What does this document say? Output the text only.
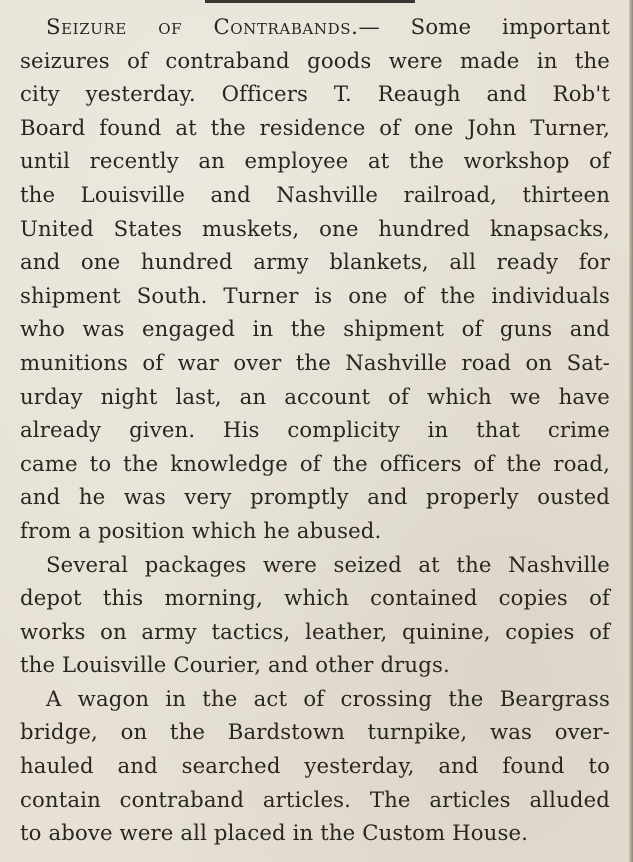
Seizure of Contrabands.— Some important
seizures of contraband goods were made in the
city yesterday. Officers T. Reaugh and Rob't
Board found at the residence of one John Turner,
until recently an employee at the workshop of
the Louisville and Nashville railroad, thirteen
United States muskets, one hundred knapsacks,
and one hundred army blankets, all ready for
shipment South. Turner is one of the individuals
who was engaged in the shipment of guns and
munitions of war over the Nashville road on Sat-
urday night last, an account of which we have
already given. His complicity in that crime
came to the knowledge of the officers of the road,
and he was very promptly and properly ousted
from a position which he abused.

Several packages were seized at the Nashville
depot this morning, which contained copies of
works on army tactics, leather, quinine, copies of
the Louisville Courier, and other drugs.

A wagon in the act of crossing the Beargrass
bridge, on the Bardstown turnpike, was over-
hauled and searched yesterday, and found to
contain contraband articles. The articles alluded
to above were all placed in the Custom House.
